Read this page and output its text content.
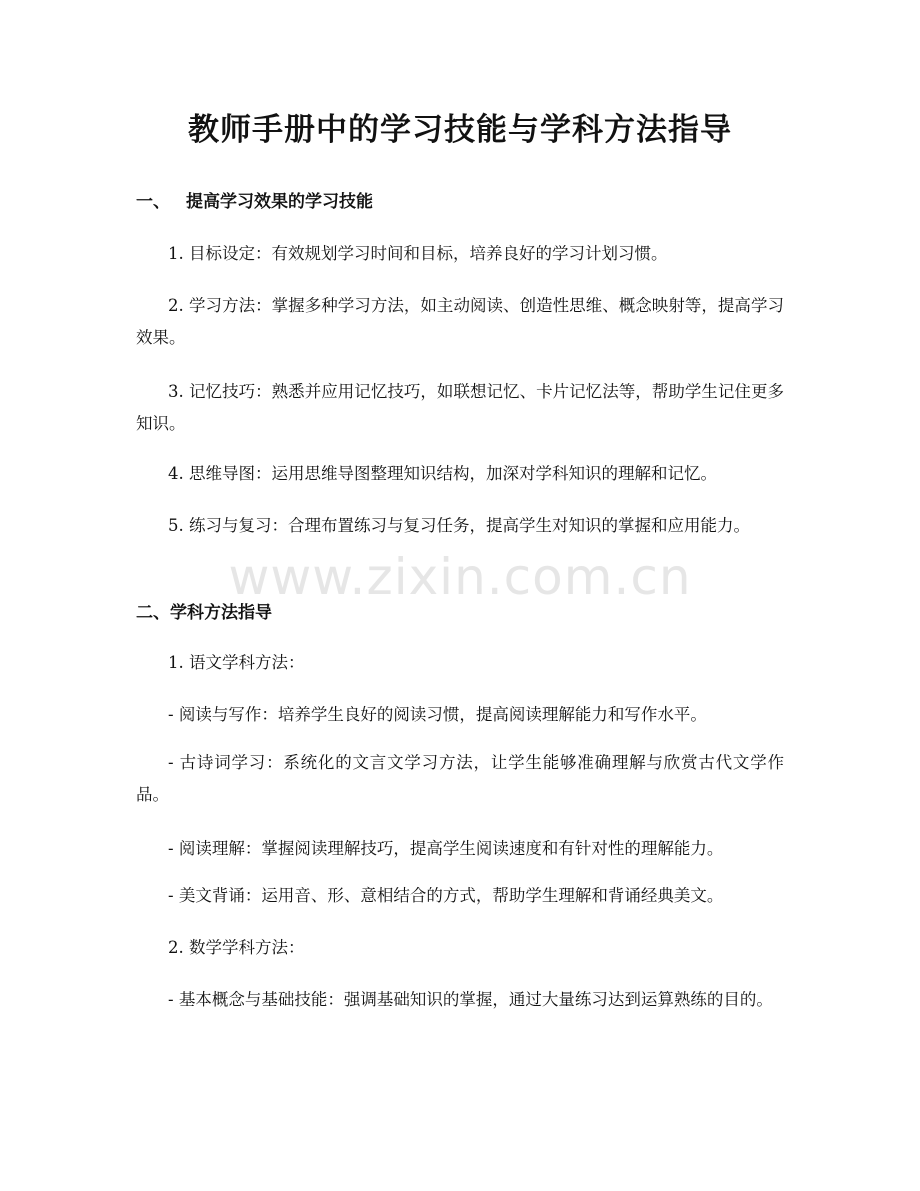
教师手册中的学习技能与学科方法指导
www.zixin.com.cn
一、 提高学习效果的学习技能

1. 目标设定：有效规划学习时间和目标，培养良好的学习计划习惯。

2. 学习方法：掌握多种学习方法，如主动阅读、创造性思维、概念映射等，提高学习效果。

3. 记忆技巧：熟悉并应用记忆技巧，如联想记忆、卡片记忆法等，帮助学生记住更多知识。

4. 思维导图：运用思维导图整理知识结构，加深对学科知识的理解和记忆。

5. 练习与复习：合理布置练习与复习任务，提高学生对知识的掌握和应用能力。

二、学科方法指导

1. 语文学科方法：

- 阅读与写作：培养学生良好的阅读习惯，提高阅读理解能力和写作水平。

- 古诗词学习：系统化的文言文学习方法，让学生能够准确理解与欣赏古代文学作品。

- 阅读理解：掌握阅读理解技巧，提高学生阅读速度和有针对性的理解能力。

- 美文背诵：运用音、形、意相结合的方式，帮助学生理解和背诵经典美文。

2. 数学学科方法：

- 基本概念与基础技能：强调基础知识的掌握，通过大量练习达到运算熟练的目的。
